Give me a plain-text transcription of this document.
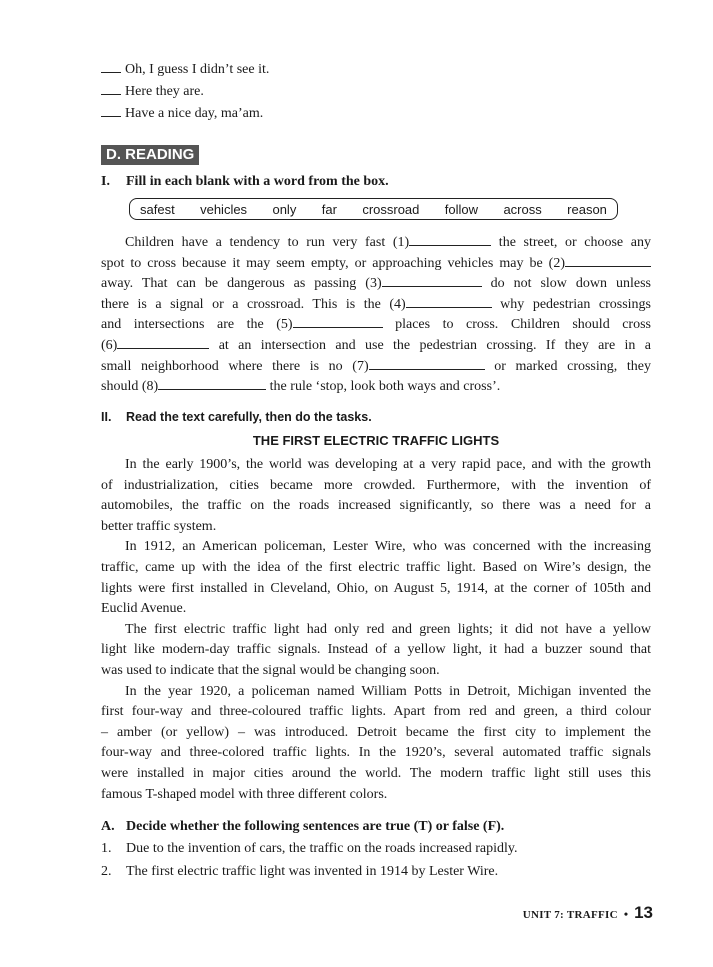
Oh, I guess I didn’t see it.
Here they are.
Have a nice day, ma’am.
D. READING
I. Fill in each blank with a word from the box.
safest vehicles only far crossroad follow across reason
Children have a tendency to run very fast (1)	the street, or choose any
spot to cross because it may seem empty, or approaching vehicles may be (2)
away. That can be dangerous as passing (3)	do not slow down unless
there is a signal or a crossroad. This is the (4)	why pedestrian crossings
and intersections are the (5)	places to cross. Children should cross
(6)	at an intersection and use the pedestrian crossing. If they are in a
small neighborhood where there is no (7)	or marked crossing, they
should (8)	the rule ‘stop, look both ways and cross’.
II. Read the text carefully, then do the tasks.
THE FIRST ELECTRIC TRAFFIC LIGHTS
In the early 1900’s, the world was developing at a very rapid pace, and with the growth
of industrialization, cities became more crowded. Furthermore, with the invention of
automobiles, the traffic on the roads increased significantly, so there was a need for a
better traffic system.
In 1912, an American policeman, Lester Wire, who was concerned with the increasing
traffic, came up with the idea of the first electric traffic light. Based on Wire’s design, the
lights were first installed in Cleveland, Ohio, on August 5, 1914, at the corner of 105th and
Euclid Avenue.
The first electric traffic light had only red and green lights; it did not have a yellow
light like modern-day traffic signals. Instead of a yellow light, it had a buzzer sound that
was used to indicate that the signal would be changing soon.
In the year 1920, a policeman named William Potts in Detroit, Michigan invented the
first four-way and three-coloured traffic lights. Apart from red and green, a third colour
– amber (or yellow) – was introduced. Detroit became the first city to implement the
four-way and three-colored traffic lights. In the 1920’s, several automated traffic signals
were installed in major cities around the world. The modern traffic light still uses this
famous T-shaped model with three different colors.
A. Decide whether the following sentences are true (T) or false (F).
1. Due to the invention of cars, the traffic on the roads increased rapidly.
2. The first electric traffic light was invented in 1914 by Lester Wire.
UNIT 7: TRAFFIC • 13
